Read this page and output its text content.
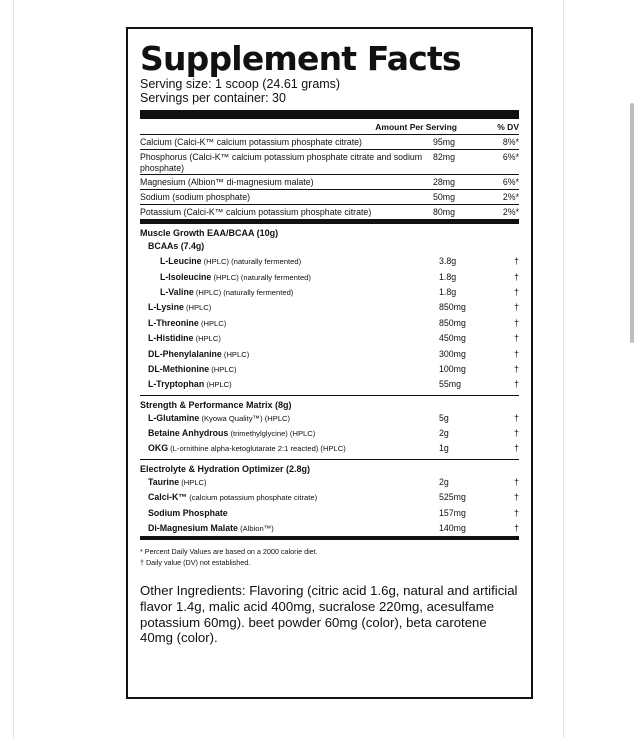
Supplement Facts
Serving size: 1 scoop (24.61 grams)
Servings per container: 30
Amount Per Serving	% DV
Calcium (Calci-K™ calcium potassium phosphate citrate)	95mg	8%*
Phosphorus (Calci-K™ calcium potassium phosphate citrate and sodium phosphate)
82mg	6%*
Magnesium (Albion™ di-magnesium malate)	28mg	6%*
Sodium (sodium phosphate)	50mg	2%*
Potassium (Calci-K™ calcium potassium phosphate citrate)	80mg	2%*
Muscle Growth EAA/BCAA (10g)
BCAAs (7.4g)
L-Leucine (HPLC) (naturally fermented)	3.8g	†
L-Isoleucine (HPLC) (naturally fermented)	1.8g	†
L-Valine (HPLC) (naturally fermented)	1.8g	†
L-Lysine (HPLC)	850mg	†
L-Threonine (HPLC)	850mg	†
L-Histidine (HPLC)	450mg	†
DL-Phenylalanine (HPLC)	300mg	†
DL-Methionine (HPLC)	100mg	†
L-Tryptophan (HPLC)	55mg	†
Strength & Performance Matrix (8g)
L-Glutamine (Kyowa Quality™) (HPLC)	5g	†
Betaine Anhydrous (trimethylglycine) (HPLC)	2g	†
OKG (L-ornithine alpha-ketoglutarate 2:1 reacted) (HPLC)	1g	†
Electrolyte & Hydration Optimizer (2.8g)
Taurine (HPLC)	2g	†
Calci-K™ (calcium potassium phosphate citrate)	525mg	†
Sodium Phosphate	157mg	†
Di-Magnesium Malate (Albion™)	140mg	†
* Percent Daily Values are based on a 2000 calorie diet.
† Daily value (DV) not established.
Other Ingredients: Flavoring (citric acid 1.6g, natural and artificial flavor 1.4g, malic acid 400mg, sucralose 220mg, acesulfame potassium 60mg). beet powder 60mg (color), beta carotene 40mg (color).
